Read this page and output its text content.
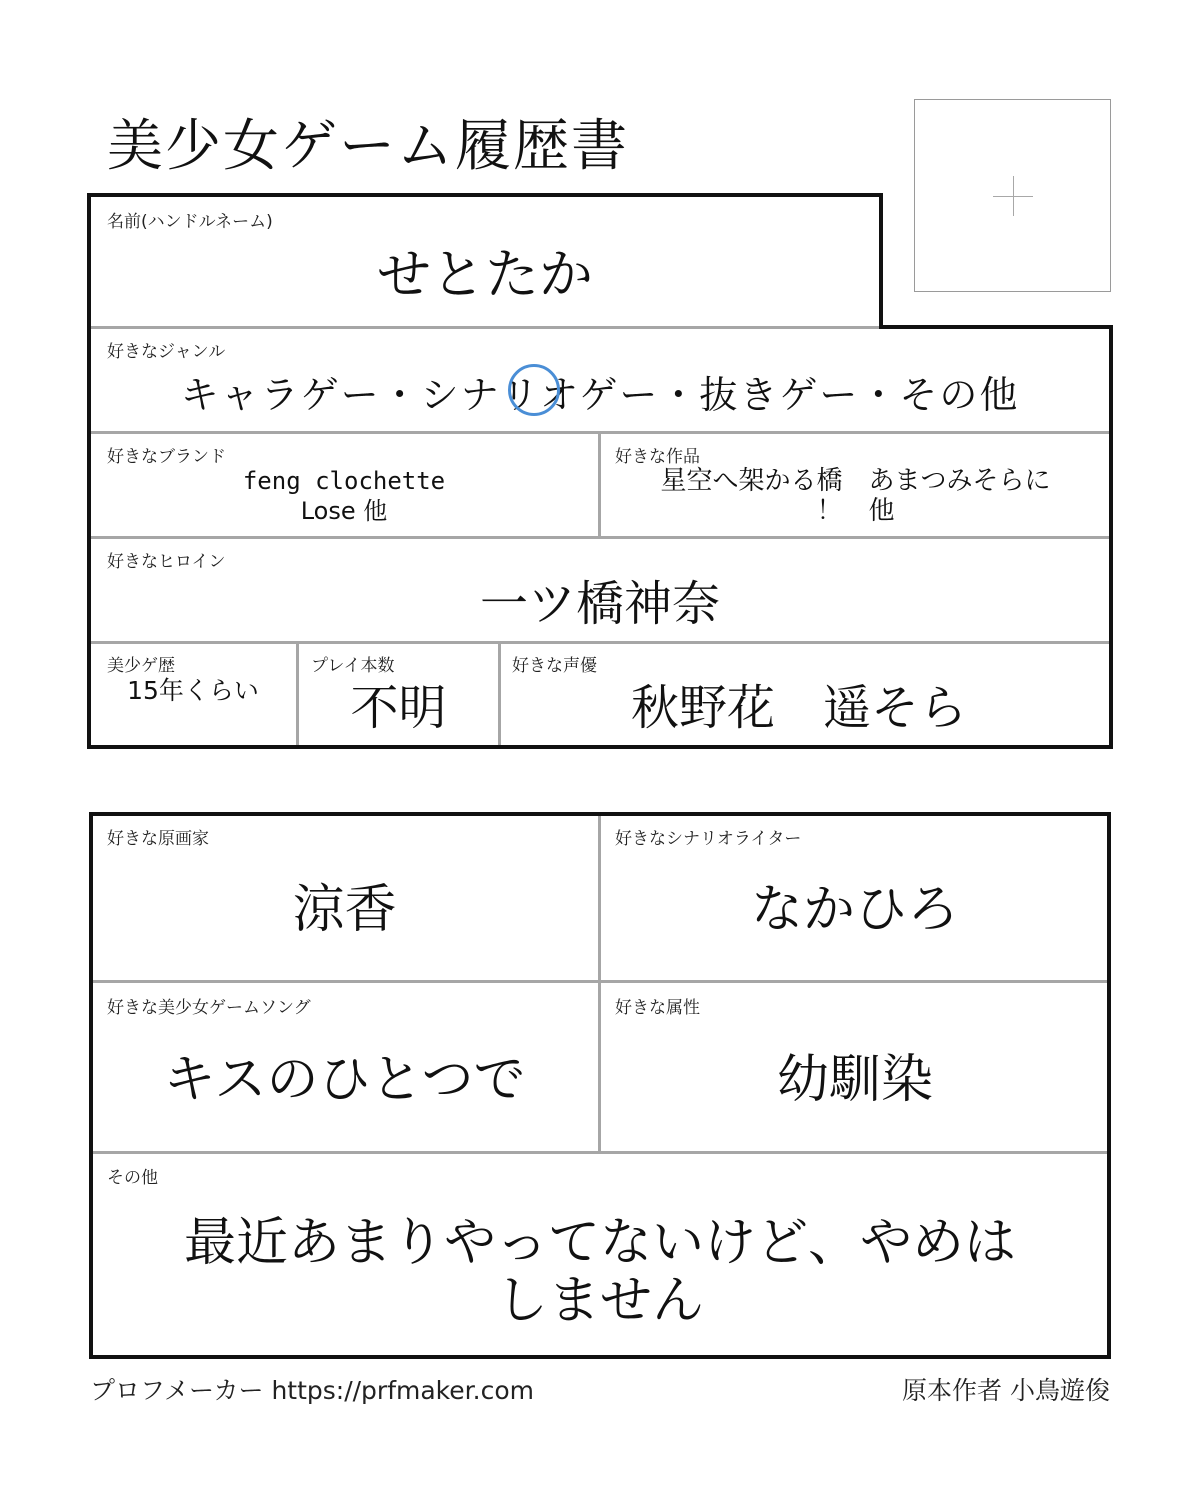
美少女ゲーム履歴書
名前(ハンドルネーム)
せとたか
好きなジャンル
キャラゲー・シナリオゲー・抜きゲー・その他
好きなブランド
feng clochette
Lose 他
好きな作品
星空へ架かる橋　あまつみそらに
！　他
好きなヒロイン
一ツ橋神奈
美少ゲ歴
15年くらい
プレイ本数
不明
好きな声優
秋野花　遥そら
好きな原画家
涼香
好きなシナリオライター
なかひろ
好きな美少女ゲームソング
キスのひとつで
好きな属性
幼馴染
その他
最近あまりやってないけど、やめは
しません
プロフメーカー https://prfmaker.com	原本作者 小鳥遊俊
